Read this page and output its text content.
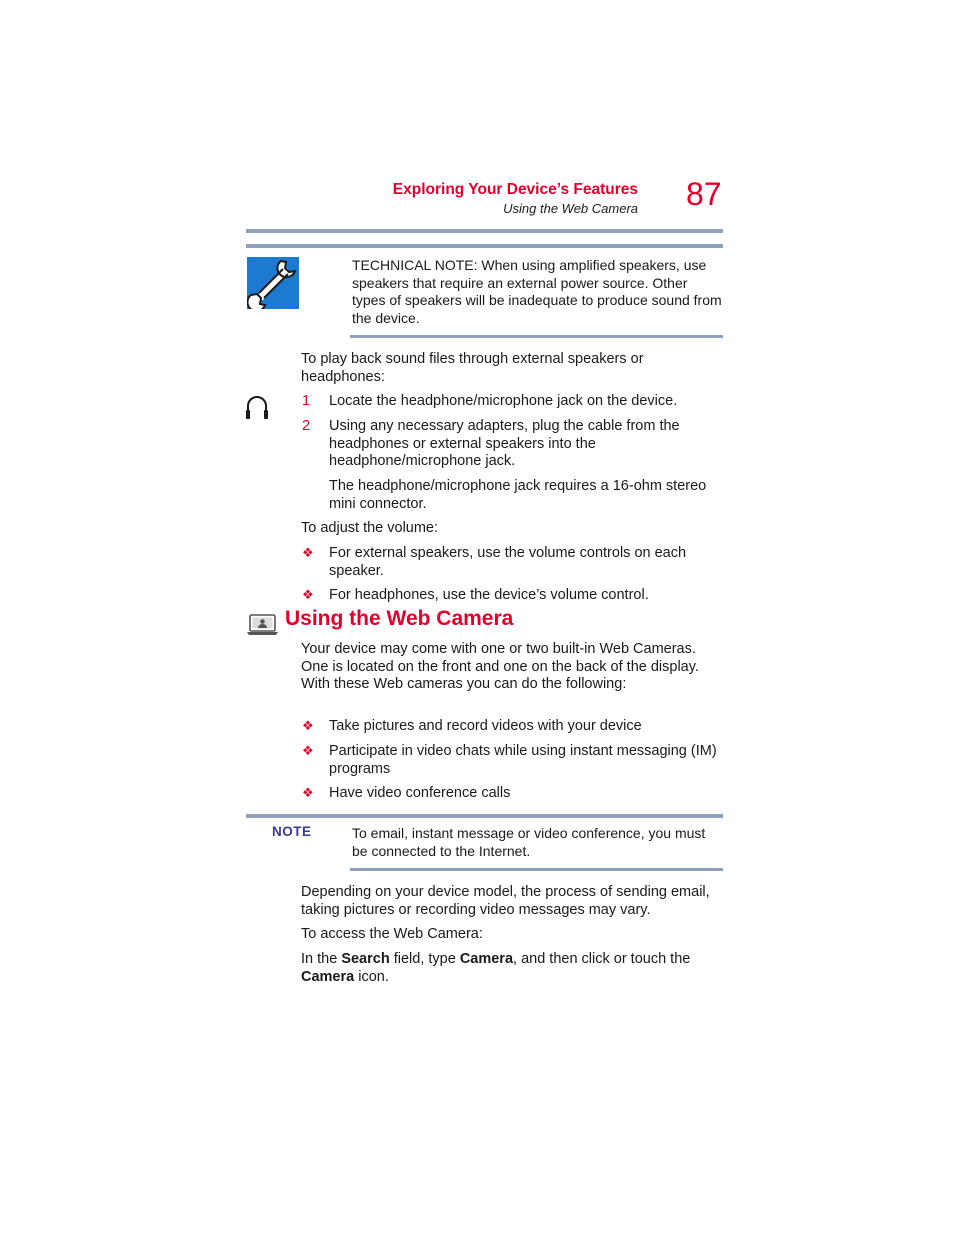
Exploring Your Device’s Features
Using the Web Camera 87
TECHNICAL NOTE: When using amplified speakers, use speakers that require an external power source. Other types of speakers will be inadequate to produce sound from the device.
To play back sound files through external speakers or headphones:
1 Locate the headphone/microphone jack on the device.
2 Using any necessary adapters, plug the cable from the headphones or external speakers into the headphone/microphone jack.
The headphone/microphone jack requires a 16-ohm stereo mini connector.
To adjust the volume:
❖ For external speakers, use the volume controls on each speaker.
❖ For headphones, use the device’s volume control.
Using the Web Camera
Your device may come with one or two built-in Web Cameras. One is located on the front and one on the back of the display. With these Web cameras you can do the following:
❖ Take pictures and record videos with your device
❖ Participate in video chats while using instant messaging (IM) programs
❖ Have video conference calls
NOTE	To email, instant message or video conference, you must be connected to the Internet.
Depending on your device model, the process of sending email, taking pictures or recording video messages may vary.
To access the Web Camera:
In the Search field, type Camera, and then click or touch the Camera icon.
